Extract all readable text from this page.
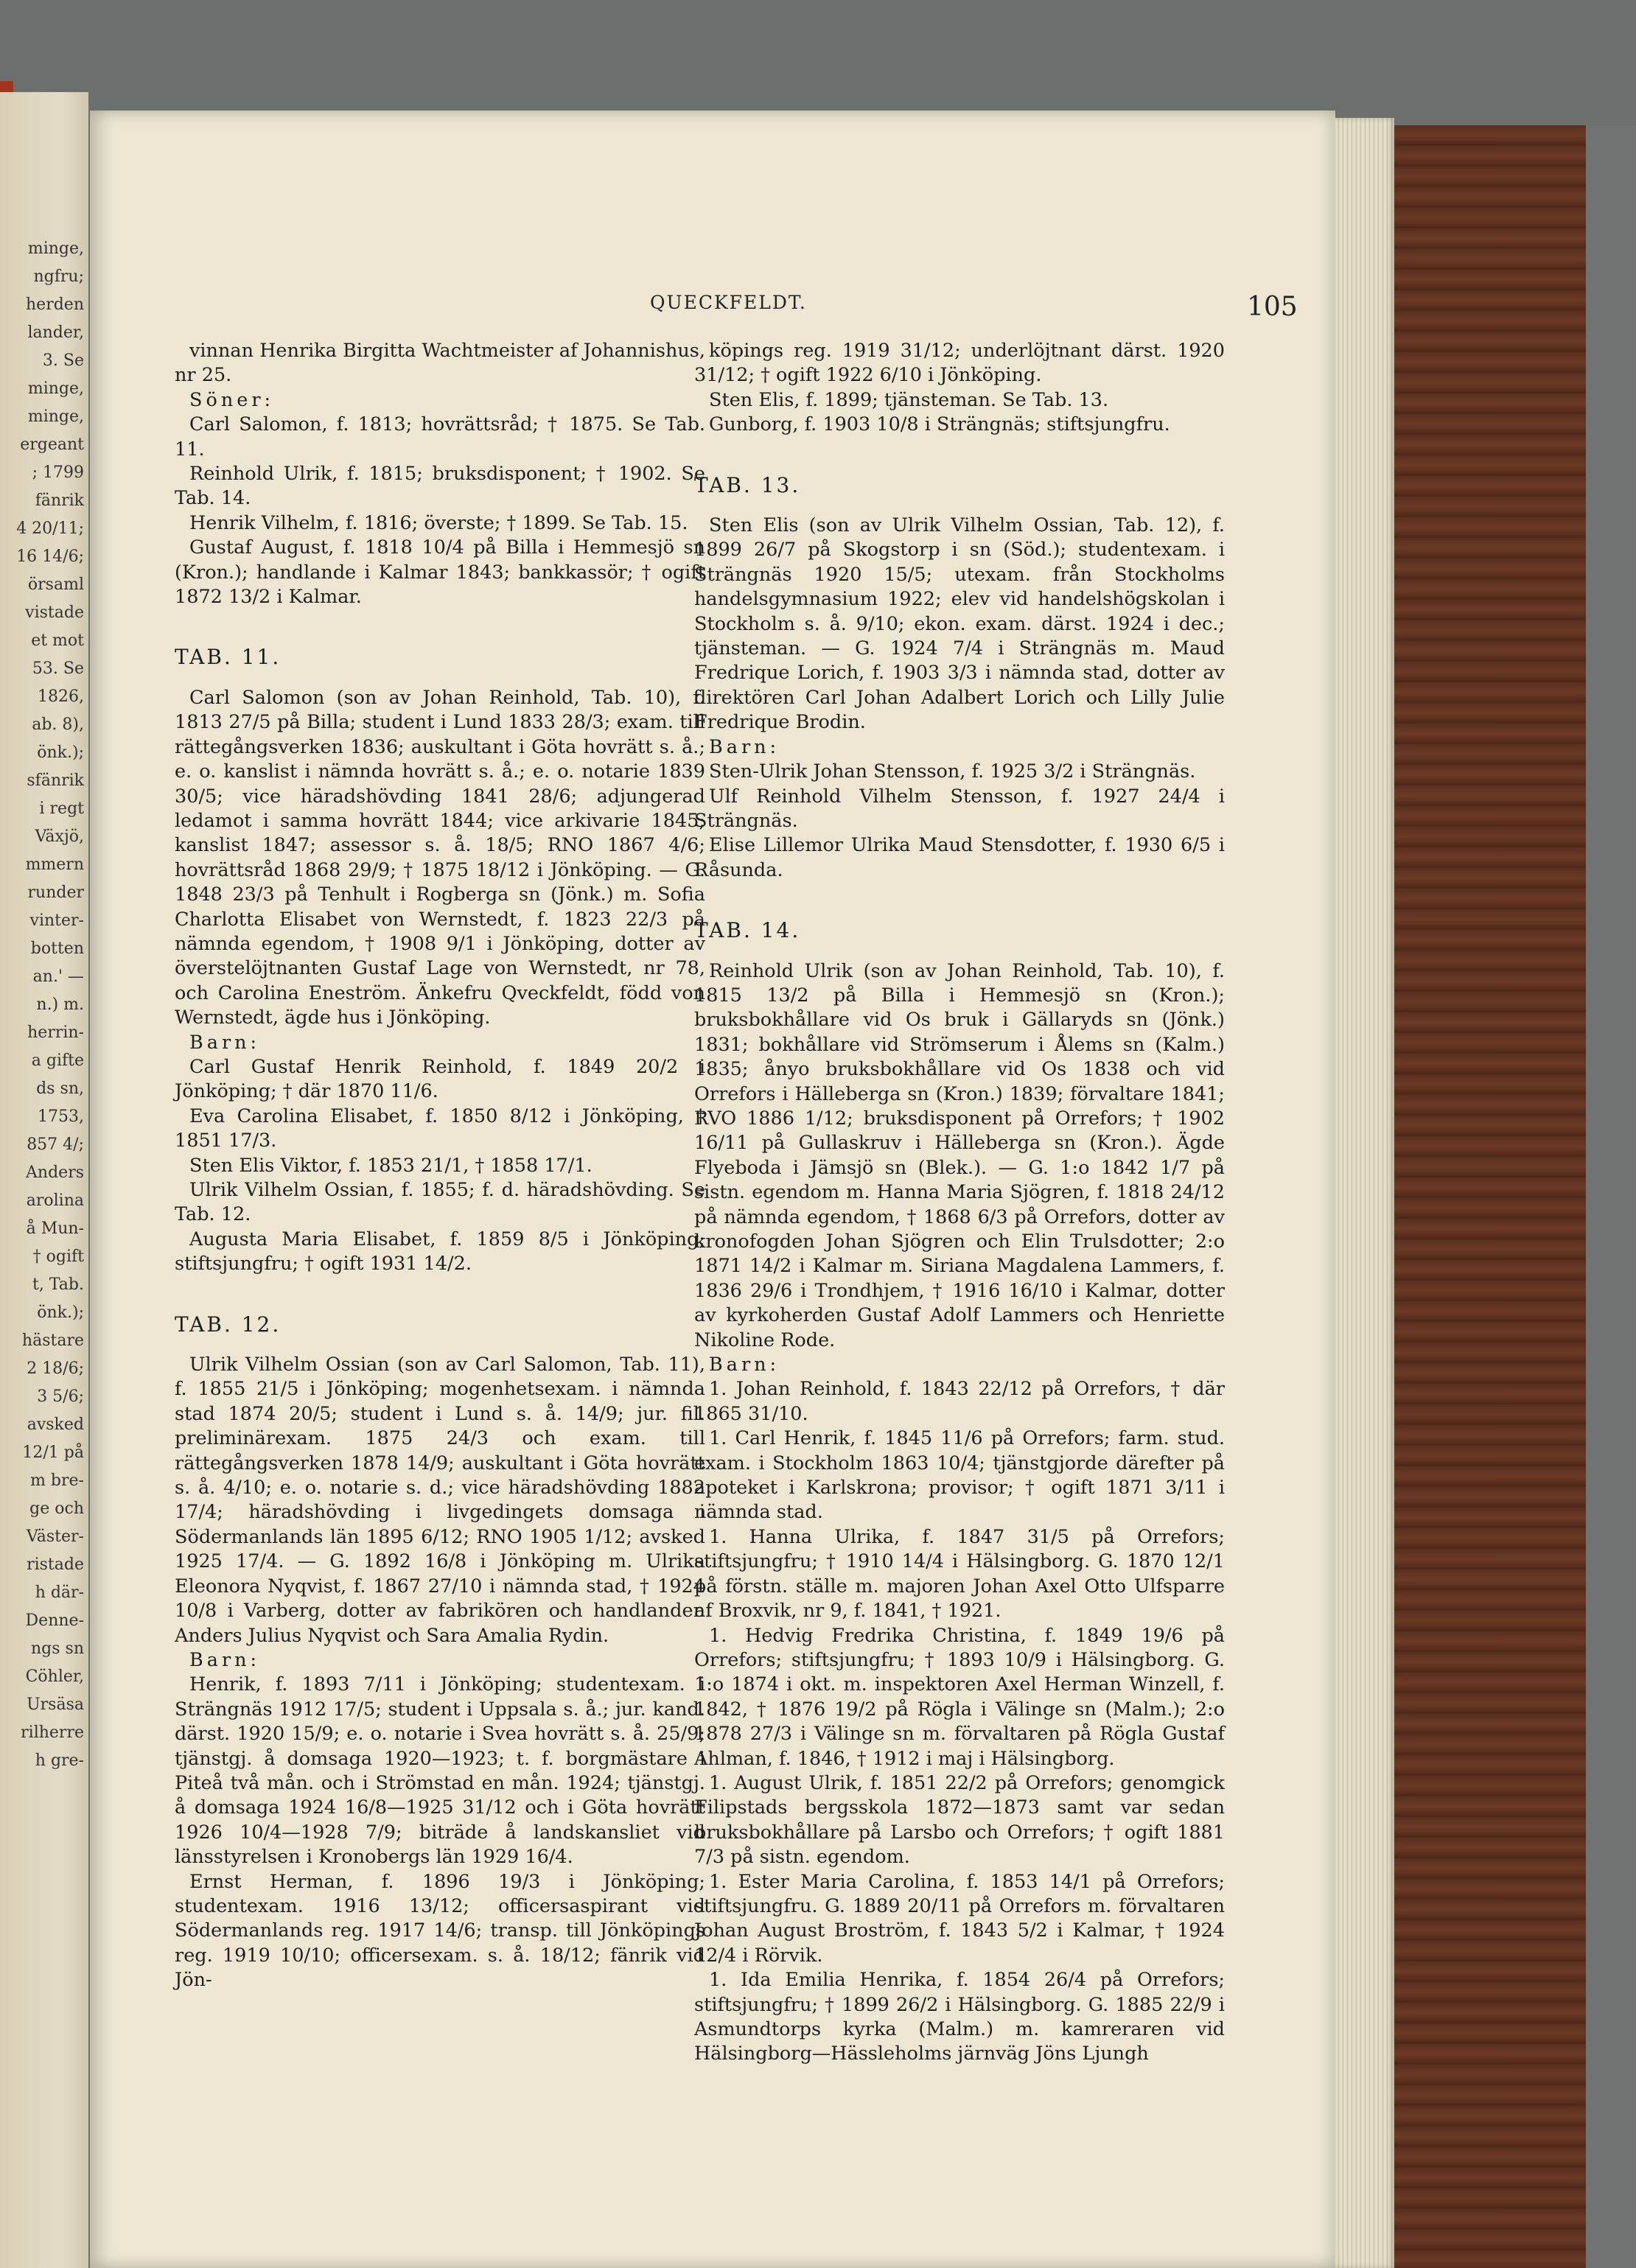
minge,
ngfru;
herden
lander,
3. Se
minge,
minge,
ergeant
; 1799
fänrik
4 20/11;
16 14/6;
örsaml
vistade
et mot
53. Se
1826,
ab. 8),
önk.);
sfänrik
i regt
Växjö,
mmern
runder
vinter-
botten
an.' —
n.) m.
herrin-
a gifte
ds sn,
1753,
857 4/;
Anders
arolina
å Mun-
† ogift
t, Tab.
önk.);
hästare
2 18/6;
3 5/6;
avsked
12/1 på
m bre-
ge och
Väster-
ristade
h där-
Denne-
ngs sn
Cöhler,
Ursäsa
rilherre
h gre-
QUECKFELDT.	105

vinnan Henrika Birgitta Wachtmeister af Johannishus, nr 25.

Söner:

Carl Salomon, f. 1813; hovrättsråd; † 1875. Se Tab. 11.

Reinhold Ulrik, f. 1815; bruksdisponent; † 1902. Se Tab. 14.

Henrik Vilhelm, f. 1816; överste; † 1899. Se Tab. 15.

Gustaf August, f. 1818 10/4 på Billa i Hemmesjö sn (Kron.); handlande i Kalmar 1843; bankkassör; † ogift 1872 13/2 i Kalmar.

TAB. 11.

Carl Salomon (son av Johan Reinhold, Tab. 10), f. 1813 27/5 på Billa; student i Lund 1833 28/3; exam. till rättegångsverken 1836; auskultant i Göta hovrätt s. å.; e. o. kanslist i nämnda hovrätt s. å.; e. o. notarie 1839 30/5; vice häradshövding 1841 28/6; adjungerad ledamot i samma hovrätt 1844; vice arkivarie 1845; kanslist 1847; assessor s. å. 18/5; RNO 1867 4/6; hovrättsråd 1868 29/9; † 1875 18/12 i Jönköping. — G. 1848 23/3 på Tenhult i Rogberga sn (Jönk.) m. Sofia Charlotta Elisabet von Wernstedt, f. 1823 22/3 på nämnda egendom, † 1908 9/1 i Jönköping, dotter av överstelöjtnanten Gustaf Lage von Wernstedt, nr 78, och Carolina Eneström. Änkefru Qveckfeldt, född von Wernstedt, ägde hus i Jönköping.

Barn:

Carl Gustaf Henrik Reinhold, f. 1849 20/2 i Jönköping; † där 1870 11/6.

Eva Carolina Elisabet, f. 1850 8/12 i Jönköping, † 1851 17/3.

Sten Elis Viktor, f. 1853 21/1, † 1858 17/1.

Ulrik Vilhelm Ossian, f. 1855; f. d. häradshövding. Se Tab. 12.

Augusta Maria Elisabet, f. 1859 8/5 i Jönköping; stiftsjungfru; † ogift 1931 14/2.

TAB. 12.

Ulrik Vilhelm Ossian (son av Carl Salomon, Tab. 11), f. 1855 21/5 i Jönköping; mogenhetsexam. i nämnda stad 1874 20/5; student i Lund s. å. 14/9; jur. fil. preliminärexam. 1875 24/3 och exam. till rättegångsverken 1878 14/9; auskultant i Göta hovrätt s. å. 4/10; e. o. notarie s. d.; vice häradshövding 1882 17/4; häradshövding i livgedingets domsaga i Södermanlands län 1895 6/12; RNO 1905 1/12; avsked 1925 17/4. — G. 1892 16/8 i Jönköping m. Ulrika Eleonora Nyqvist, f. 1867 27/10 i nämnda stad, † 1924 10/8 i Varberg, dotter av fabrikören och handlanden Anders Julius Nyqvist och Sara Amalia Rydin.

Barn:

Henrik, f. 1893 7/11 i Jönköping; studentexam. i Strängnäs 1912 17/5; student i Uppsala s. å.; jur. kand. därst. 1920 15/9; e. o. notarie i Svea hovrätt s. å. 25/9; tjänstgj. å domsaga 1920—1923; t. f. borgmästare i Piteå två mån. och i Strömstad en mån. 1924; tjänstgj. å domsaga 1924 16/8—1925 31/12 och i Göta hovrätt 1926 10/4—1928 7/9; biträde å landskansliet vid länsstyrelsen i Kronobergs län 1929 16/4.

Ernst Herman, f. 1896 19/3 i Jönköping; studentexam. 1916 13/12; officersaspirant vid Södermanlands reg. 1917 14/6; transp. till Jönköpings reg. 1919 10/10; officersexam. s. å. 18/12; fänrik vid Jön-

köpings reg. 1919 31/12; underlöjtnant därst. 1920 31/12; † ogift 1922 6/10 i Jönköping.

Sten Elis, f. 1899; tjänsteman. Se Tab. 13.

Gunborg, f. 1903 10/8 i Strängnäs; stiftsjungfru.

TAB. 13.

Sten Elis (son av Ulrik Vilhelm Ossian, Tab. 12), f. 1899 26/7 på Skogstorp i sn (Söd.); studentexam. i Strängnäs 1920 15/5; utexam. från Stockholms handelsgymnasium 1922; elev vid handelshögskolan i Stockholm s. å. 9/10; ekon. exam. därst. 1924 i dec.; tjänsteman. — G. 1924 7/4 i Strängnäs m. Maud Fredrique Lorich, f. 1903 3/3 i nämnda stad, dotter av direktören Carl Johan Adalbert Lorich och Lilly Julie Fredrique Brodin.

Barn:

Sten-Ulrik Johan Stensson, f. 1925 3/2 i Strängnäs.

Ulf Reinhold Vilhelm Stensson, f. 1927 24/4 i Strängnäs.

Elise Lillemor Ulrika Maud Stensdotter, f. 1930 6/5 i Råsunda.

TAB. 14.

Reinhold Ulrik (son av Johan Reinhold, Tab. 10), f. 1815 13/2 på Billa i Hemmesjö sn (Kron.); bruksbokhållare vid Os bruk i Gällaryds sn (Jönk.) 1831; bokhållare vid Strömserum i Ålems sn (Kalm.) 1835; ånyo bruksbokhållare vid Os 1838 och vid Orrefors i Hälleberga sn (Kron.) 1839; förvaltare 1841; RVO 1886 1/12; bruksdisponent på Orrefors; † 1902 16/11 på Gullaskruv i Hälleberga sn (Kron.). Ägde Flyeboda i Jämsjö sn (Blek.). — G. 1:o 1842 1/7 på sistn. egendom m. Hanna Maria Sjögren, f. 1818 24/12 på nämnda egendom, † 1868 6/3 på Orrefors, dotter av kronofogden Johan Sjögren och Elin Trulsdotter; 2:o 1871 14/2 i Kalmar m. Siriana Magdalena Lammers, f. 1836 29/6 i Trondhjem, † 1916 16/10 i Kalmar, dotter av kyrkoherden Gustaf Adolf Lammers och Henriette Nikoline Rode.

Barn:

1. Johan Reinhold, f. 1843 22/12 på Orrefors, † där 1865 31/10.

1. Carl Henrik, f. 1845 11/6 på Orrefors; farm. stud. exam. i Stockholm 1863 10/4; tjänstgjorde därefter på apoteket i Karlskrona; provisor; † ogift 1871 3/11 i nämnda stad.

1. Hanna Ulrika, f. 1847 31/5 på Orrefors; stiftsjungfru; † 1910 14/4 i Hälsingborg. G. 1870 12/1 på förstn. ställe m. majoren Johan Axel Otto Ulfsparre af Broxvik, nr 9, f. 1841, † 1921.

1. Hedvig Fredrika Christina, f. 1849 19/6 på Orrefors; stiftsjungfru; † 1893 10/9 i Hälsingborg. G. 1:o 1874 i okt. m. inspektoren Axel Herman Winzell, f. 1842, † 1876 19/2 på Rögla i Välinge sn (Malm.); 2:o 1878 27/3 i Välinge sn m. förvaltaren på Rögla Gustaf Ahlman, f. 1846, † 1912 i maj i Hälsingborg.

1. August Ulrik, f. 1851 22/2 på Orrefors; genomgick Filipstads bergsskola 1872—1873 samt var sedan bruksbokhållare på Larsbo och Orrefors; † ogift 1881 7/3 på sistn. egendom.

1. Ester Maria Carolina, f. 1853 14/1 på Orrefors; stiftsjungfru. G. 1889 20/11 på Orrefors m. förvaltaren Johan August Broström, f. 1843 5/2 i Kalmar, † 1924 12/4 i Rörvik.

1. Ida Emilia Henrika, f. 1854 26/4 på Orrefors; stiftsjungfru; † 1899 26/2 i Hälsingborg. G. 1885 22/9 i Asmundtorps kyrka (Malm.) m. kamreraren vid Hälsingborg—Hässleholms järnväg Jöns Ljungh
